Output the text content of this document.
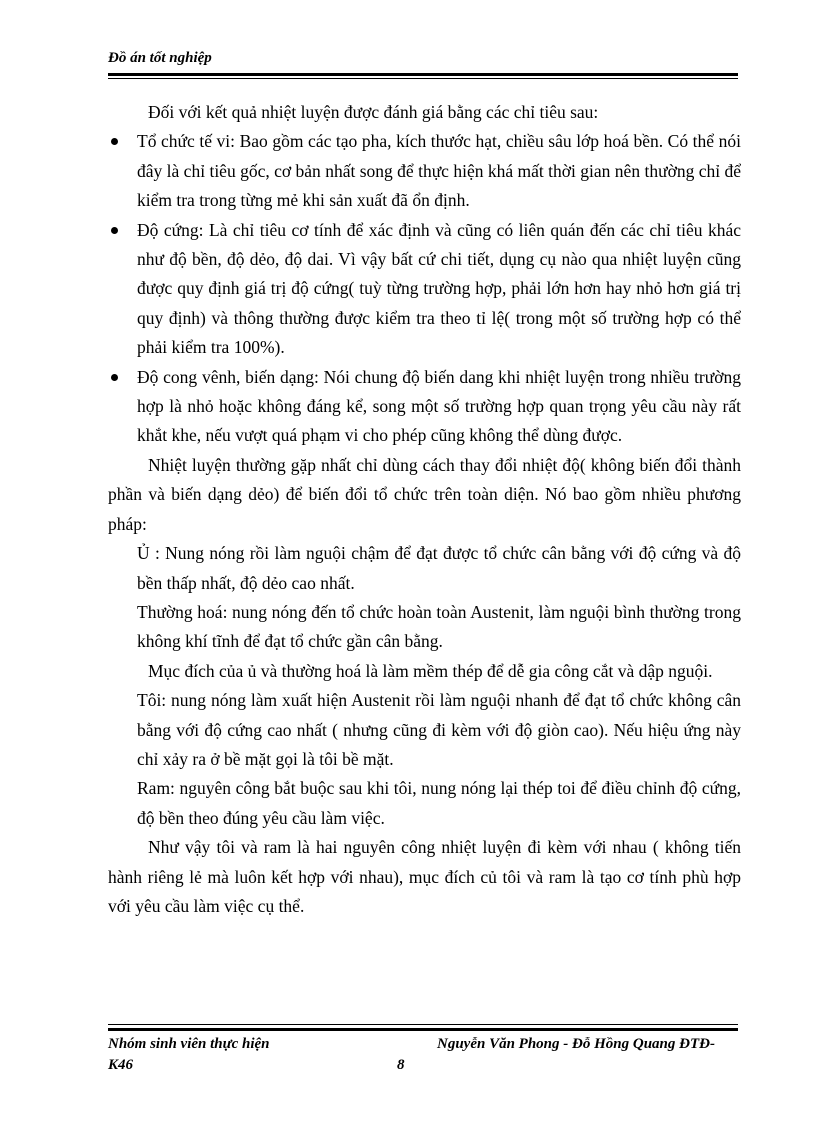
Đồ án tốt nghiệp

Đối với kết quả nhiệt luyện được đánh giá bằng các chỉ tiêu sau:

Tổ chức tế vi: Bao gồm các tạo pha, kích thước hạt, chiều sâu lớp hoá bền. Có thể nói đây là chỉ tiêu gốc, cơ bản nhất song để thực hiện khá mất thời gian nên thường chỉ để kiểm tra trong từng mẻ khi sản xuất đã ổn định.

Độ cứng: Là chỉ tiêu cơ tính để xác định và cũng có liên quán đến các chỉ tiêu khác như độ bền, độ dẻo, độ dai. Vì vậy bất cứ chi tiết, dụng cụ nào qua nhiệt luyện cũng được quy định giá trị độ cứng( tuỳ từng trường hợp, phải lớn hơn hay nhỏ hơn giá trị quy định) và thông thường được kiểm tra theo tỉ lệ( trong một số trường hợp có thể phải kiểm tra 100%).

Độ cong vênh, biến dạng: Nói chung độ biến dang khi nhiệt luyện trong nhiều trường hợp là nhỏ hoặc không đáng kể, song một số trường hợp quan trọng yêu cầu này rất khắt khe, nếu vượt quá phạm vi cho phép cũng không thể dùng được.

Nhiệt luyện thường gặp nhất chỉ dùng cách thay đổi nhiệt độ( không biến đổi thành phần và biến dạng dẻo) để biến đổi tổ chức trên toàn diện. Nó bao gồm nhiều phương pháp:

Ủ : Nung nóng rồi làm nguội chậm để đạt được tổ chức cân bằng với độ cứng và độ bền thấp nhất, độ dẻo cao nhất.

Thường hoá: nung nóng đến tổ chức hoàn toàn Austenit, làm nguội bình thường trong không khí tĩnh để đạt tổ chức gần cân bằng.

Mục đích của ủ và thường hoá là làm mềm thép để dễ gia công cắt và dập nguội.

Tôi: nung nóng làm xuất hiện Austenit rồi làm nguội nhanh để đạt tổ chức không cân bằng với độ cứng cao nhất ( nhưng cũng đi kèm với độ giòn cao). Nếu hiệu ứng này chỉ xảy ra ở bề mặt gọi là tôi bề mặt.

Ram: nguyên công bắt buộc sau khi tôi, nung nóng lại thép toi để điều chỉnh độ cứng, độ bền theo đúng yêu cầu làm việc.

Như vậy tôi và ram là hai nguyên công nhiệt luyện đi kèm với nhau ( không tiến hành riêng lẻ mà luôn kết hợp với nhau), mục đích củ tôi và ram là tạo cơ tính phù hợp với yêu cầu làm việc cụ thể.

Nhóm sinh viên thực hiện	Nguyễn Văn Phong - Đỗ Hồng Quang ĐTĐ-
K46	8
